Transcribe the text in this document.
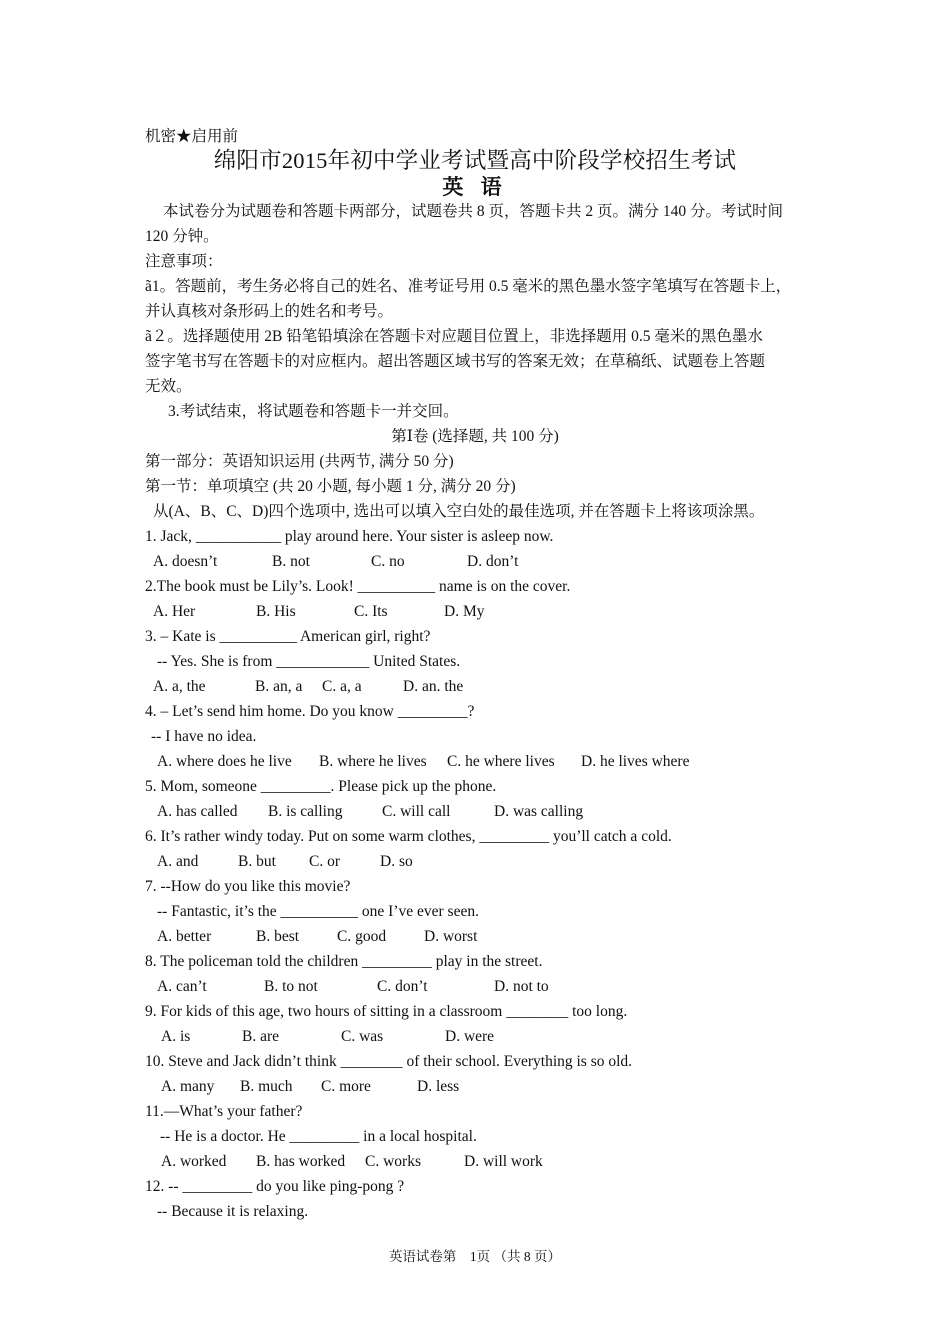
机密★启用前
绵阳市2015年初中学业考试暨高中阶段学校招生考试
英 语
本试卷分为试题卷和答题卡两部分，试题卷共 8 页，答题卡共 2 页。满分 140 分。考试时间
120 分钟。
注意事项：
ã1。答题前，考生务必将自己的姓名、准考证号用 0.5 毫米的黑色墨水签字笔填写在答题卡上，
并认真核对条形码上的姓名和考号。
ã２。选择题使用 2B 铅笔铅填涂在答题卡对应题目位置上，非选择题用 0.5 毫米的黑色墨水
签字笔书写在答题卡的对应框内。超出答题区域书写的答案无效；在草稿纸、试题卷上答题
无效。
3.考试结束，将试题卷和答题卡一并交回。
第Ⅰ卷 (选择题, 共 100 分)
第一部分：英语知识运用 (共两节, 满分 50 分)
第一节：单项填空 (共 20 小题, 每小题 1 分, 满分 20 分)
从(A、B、C、D)四个选项中, 选出可以填入空白处的最佳选项, 并在答题卡上将该项涂黑。
1. Jack, ___________ play around here. Your sister is asleep now.
A. doesn’t	B. not	C. no	D. don’t
2.The book must be Lily’s. Look! __________ name is on the cover.
A. Her	B. His	C. Its	D. My
3. – Kate is __________ American girl, right?
-- Yes. She is from ____________ United States.
A. a, the	B. an, a C. a, a	D. an. the
4. – Let’s send him home. Do you know _________?
-- I have no idea.
A. where does he live B. where he lives C. he where lives D. he lives where
5. Mom, someone _________. Please pick up the phone.
A. has called B. is calling	C. will call	D. was calling
6. It’s rather windy today. Put on some warm clothes, _________ you’ll catch a cold.
A. and	B. but C. or	D. so
7. --How do you like this movie?
-- Fantastic, it’s the __________ one I’ve ever seen.
A. better	B. best C. good D. worst
8. The policeman told the children _________ play in the street.
A. can’t	B. to not	C. don’t	D. not to
9. For kids of this age, two hours of sitting in a classroom ________ too long.
A. is	B. are	C. was	D. were
10. Steve and Jack didn’t think ________ of their school. Everything is so old.
A. many B. much C. more	D. less
11.—What’s your father?
-- He is a doctor. He _________ in a local hospital.
A. worked B. has worked C. works	D. will work
12. -- _________ do you like ping-pong ?
-- Because it is relaxing.
英语试卷第　1页 （共 8 页）
